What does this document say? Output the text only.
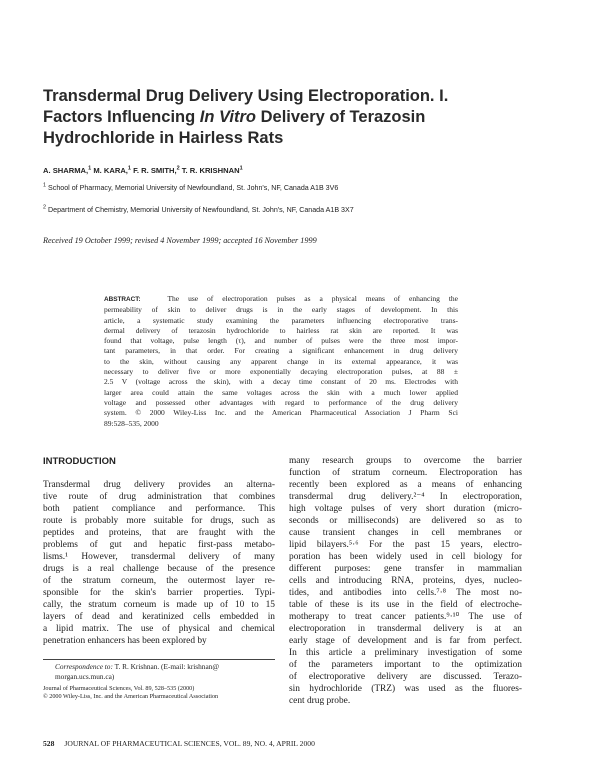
Transdermal Drug Delivery Using Electroporation. I.
Factors Influencing In Vitro Delivery of Terazosin
Hydrochloride in Hairless Rats
A. SHARMA,$^1$ M. KARA,$^1$ F. R. SMITH,$^2$ T. R. KRISHNAN$^1$
$^1$ School of Pharmacy, Memorial University of Newfoundland, St. John's, NF, Canada A1B 3V6
$^2$ Department of Chemistry, Memorial University of Newfoundland, St. John's, NF, Canada A1B 3X7
Received 19 October 1999; revised 4 November 1999; accepted 16 November 1999
ABSTRACT:	The use of electroporation pulses as a physical means of enhancing the
permeability of skin to deliver drugs is in the early stages of development. In this
article, a systematic study examining the parameters influencing electroporative trans-
dermal delivery of terazosin hydrochloride to hairless rat skin are reported. It was
found that voltage, pulse length (τ), and number of pulses were the three most impor-
tant parameters, in that order. For creating a significant enhancement in drug delivery
to the skin, without causing any apparent change in its external appearance, it was
necessary to deliver five or more exponentially decaying electroporation pulses, at 88 ±
2.5 V (voltage across the skin), with a decay time constant of 20 ms. Electrodes with
larger area could attain the same voltages across the skin with a much lower applied
voltage and possessed other advantages with regard to performance of the drug delivery
system. © 2000 Wiley-Liss Inc. and the American Pharmaceutical Association J Pharm Sci
89:528–535, 2000
INTRODUCTION
Transdermal drug delivery provides an alterna-
tive route of drug administration that combines
both patient compliance and performance. This
route is probably more suitable for drugs, such as
peptides and proteins, that are fraught with the
problems of gut and hepatic first-pass metabo-
lisms.¹ However, transdermal delivery of many
drugs is a real challenge because of the presence
of the stratum corneum, the outermost layer re-
sponsible for the skin's barrier properties. Typi-
cally, the stratum corneum is made up of 10 to 15
layers of dead and keratinized cells embedded in
a lipid matrix. The use of physical and chemical
penetration enhancers has been explored by
many research groups to overcome the barrier
function of stratum corneum. Electroporation has
recently been explored as a means of enhancing
transdermal drug delivery.²⁻⁴ In electroporation,
high voltage pulses of very short duration (micro-
seconds or milliseconds) are delivered so as to
cause transient changes in cell membranes or
lipid bilayers.⁵·⁶ For the past 15 years, electro-
poration has been widely used in cell biology for
different purposes: gene transfer in mammalian
cells and introducing RNA, proteins, dyes, nucleo-
tides, and antibodies into cells.⁷·⁸ The most no-
table of these is its use in the field of electroche-
motherapy to treat cancer patients.⁹·¹⁰ The use of
electroporation in transdermal delivery is at an
early stage of development and is far from perfect.
In this article a preliminary investigation of some
of the parameters important to the optimization
of electroporative delivery are discussed. Terazo-
sin hydrochloride (TRZ) was used as the fluores-
cent drug probe.
Correspondence to: T. R. Krishnan. (E-mail: krishnan@
morgan.ucs.mun.ca)
Journal of Pharmaceutical Sciences, Vol. 89, 528–535 (2000)
© 2000 Wiley-Liss, Inc. and the American Pharmaceutical Association
528 JOURNAL OF PHARMACEUTICAL SCIENCES, VOL. 89, NO. 4, APRIL 2000
